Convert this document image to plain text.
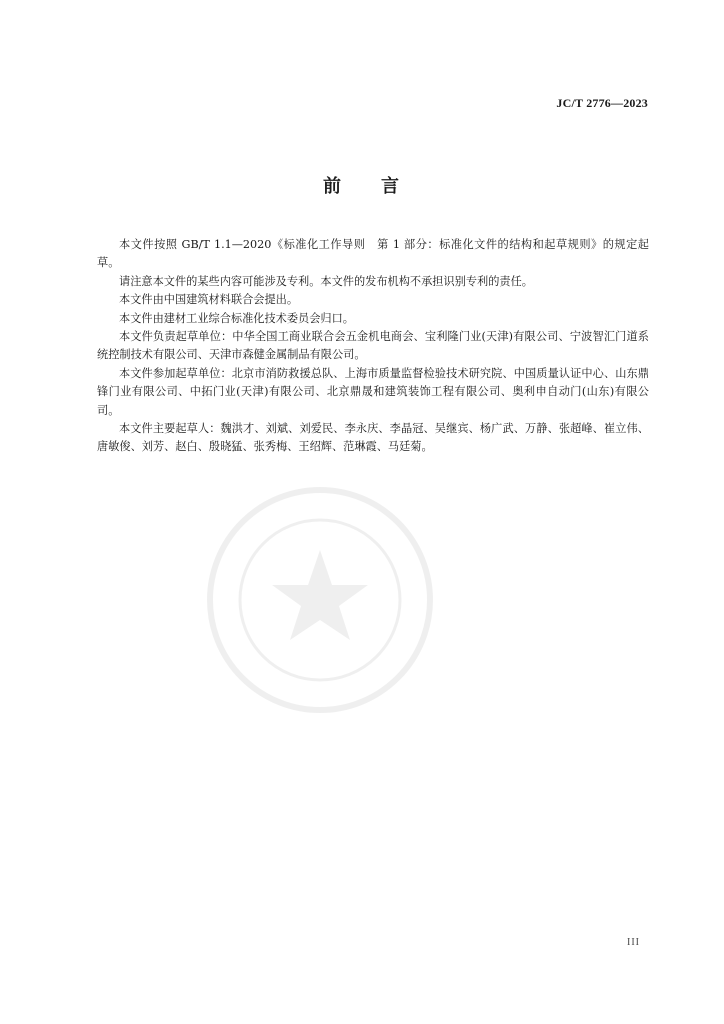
JC/T 2776—2023
前 言

本文件按照 GB/T 1.1—2020《标准化工作导则　第 1 部分：标准化文件的结构和起草规则》的规定起草。

请注意本文件的某些内容可能涉及专利。本文件的发布机构不承担识别专利的责任。

本文件由中国建筑材料联合会提出。

本文件由建材工业综合标准化技术委员会归口。

本文件负责起草单位：中华全国工商业联合会五金机电商会、宝利隆门业(天津)有限公司、宁波智汇门道系统控制技术有限公司、天津市森健金属制品有限公司。

本文件参加起草单位：北京市消防救援总队、上海市质量监督检验技术研究院、中国质量认证中心、山东鼎锋门业有限公司、中拓门业(天津)有限公司、北京鼎晟和建筑装饰工程有限公司、奥利申自动门(山东)有限公司。

本文件主要起草人：魏洪才、刘斌、刘爱民、李永庆、李晶冠、吴继宾、杨广武、万静、张超峰、崔立伟、唐敏俊、刘芳、赵白、殷晓猛、张秀梅、王绍辉、范琳霞、马廷菊。

III
